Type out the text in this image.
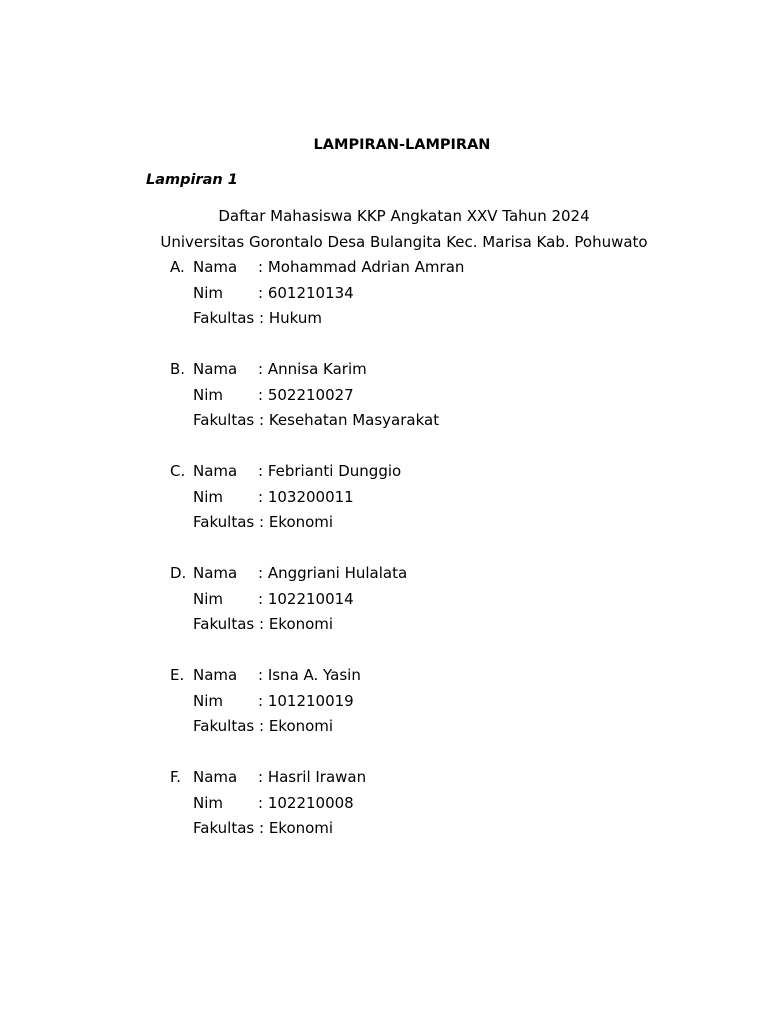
LAMPIRAN-LAMPIRAN
Lampiran 1
Daftar Mahasiswa KKP Angkatan XXV Tahun 2024
Universitas Gorontalo Desa Bulangita Kec. Marisa Kab. Pohuwato
A. Nama : Mohammad Adrian Amran
Nim : 601210134
Fakultas : Hukum
B. Nama : Annisa Karim
Nim : 502210027
Fakultas : Kesehatan Masyarakat
C. Nama : Febrianti Dunggio
Nim : 103200011
Fakultas : Ekonomi
D. Nama : Anggriani Hulalata
Nim : 102210014
Fakultas : Ekonomi
E. Nama : Isna A. Yasin
Nim : 101210019
Fakultas : Ekonomi
F. Nama : Hasril Irawan
Nim : 102210008
Fakultas : Ekonomi
